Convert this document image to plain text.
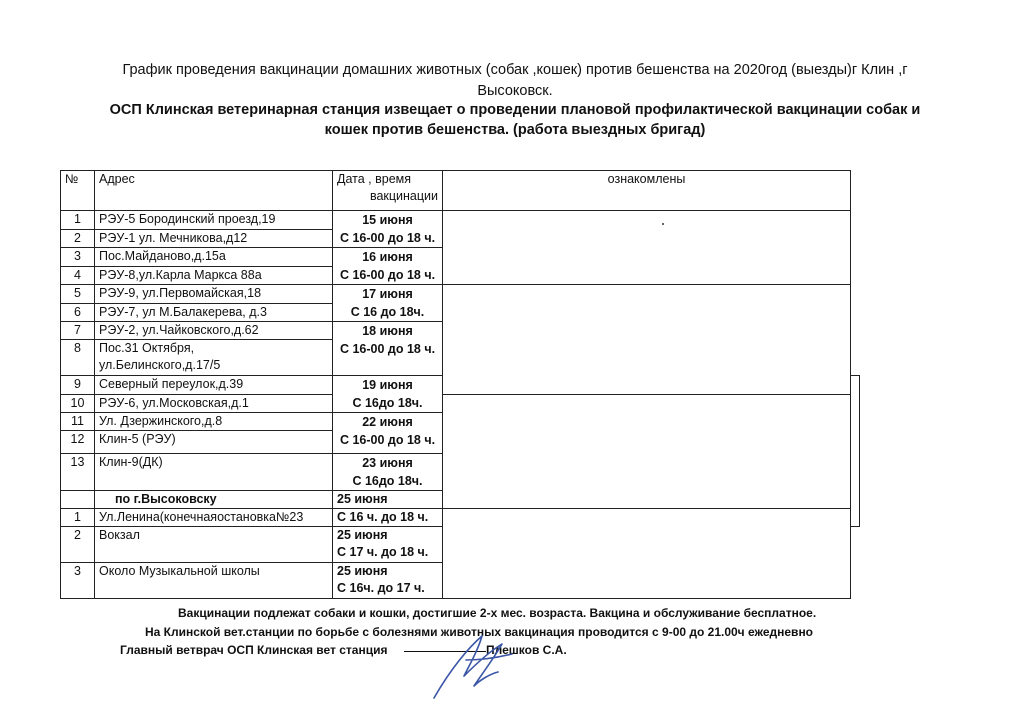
График проведения вакцинации домашних животных (собак ,кошек) против бешенства на 2020год (выезды)г Клин ,г
Высоковск.
ОСП Клинская ветеринарная станция извещает о проведении плановой профилактической вакцинации собак и
кошек против бешенства. (работа выездных бригад)
№	Адрес	Дата , время
вакцинации	ознакомлены	
1	РЭУ-5 Бородинский проезд,19	15 июня
С 16-00 до 18 ч.		

2	РЭУ-1 ул. Мечникова,д12			
3	Пос.Майданово,д.15а	16 июня
С 16-00 до 18 ч.		

4	РЭУ-8,ул.Карла Маркса 88а			
5	РЭУ-9, ул.Первомайская,18	17 июня
С 16 до 18ч.		

6	РЭУ-7, ул М.Балакерева, д.3			
7	РЭУ-2, ул.Чайковского,д.62	18 июня
С 16-00 до 18 ч.		

8	Пос.31 Октября,
ул.Белинского,д.17/5			

9	Северный переулок,д.39	19 июня
С 16до 18ч.		

10	РЭУ-6, ул.Московская,д.1			
11	Ул. Дзержинского,д.8	22 июня
С 16-00 до 18 ч.		

12	Клин-5 (РЭУ)			
13	Клин-9(ДК)	23 июня
С 16до 18ч.		

	по г.Высоковску	25 июня		
1	Ул.Ленина(конечнаяостановка№23	С 16 ч. до 18 ч.		
2	Вокзал	25 июня
С 17 ч. до 18 ч.		

3	Около Музыкальной школы	25 июня
С 16ч. до 17 ч.		
Вакцинации подлежат собаки и кошки, достигшие 2-х мес. возраста. Вакцина и обслуживание бесплатное.
На Клинской вет.станции по борьбе с болезнями животных вакцинация проводится с 9-00 до 21.00ч ежедневно
Главный ветврач ОСП Клинская вет станция	Плешков С.А.
